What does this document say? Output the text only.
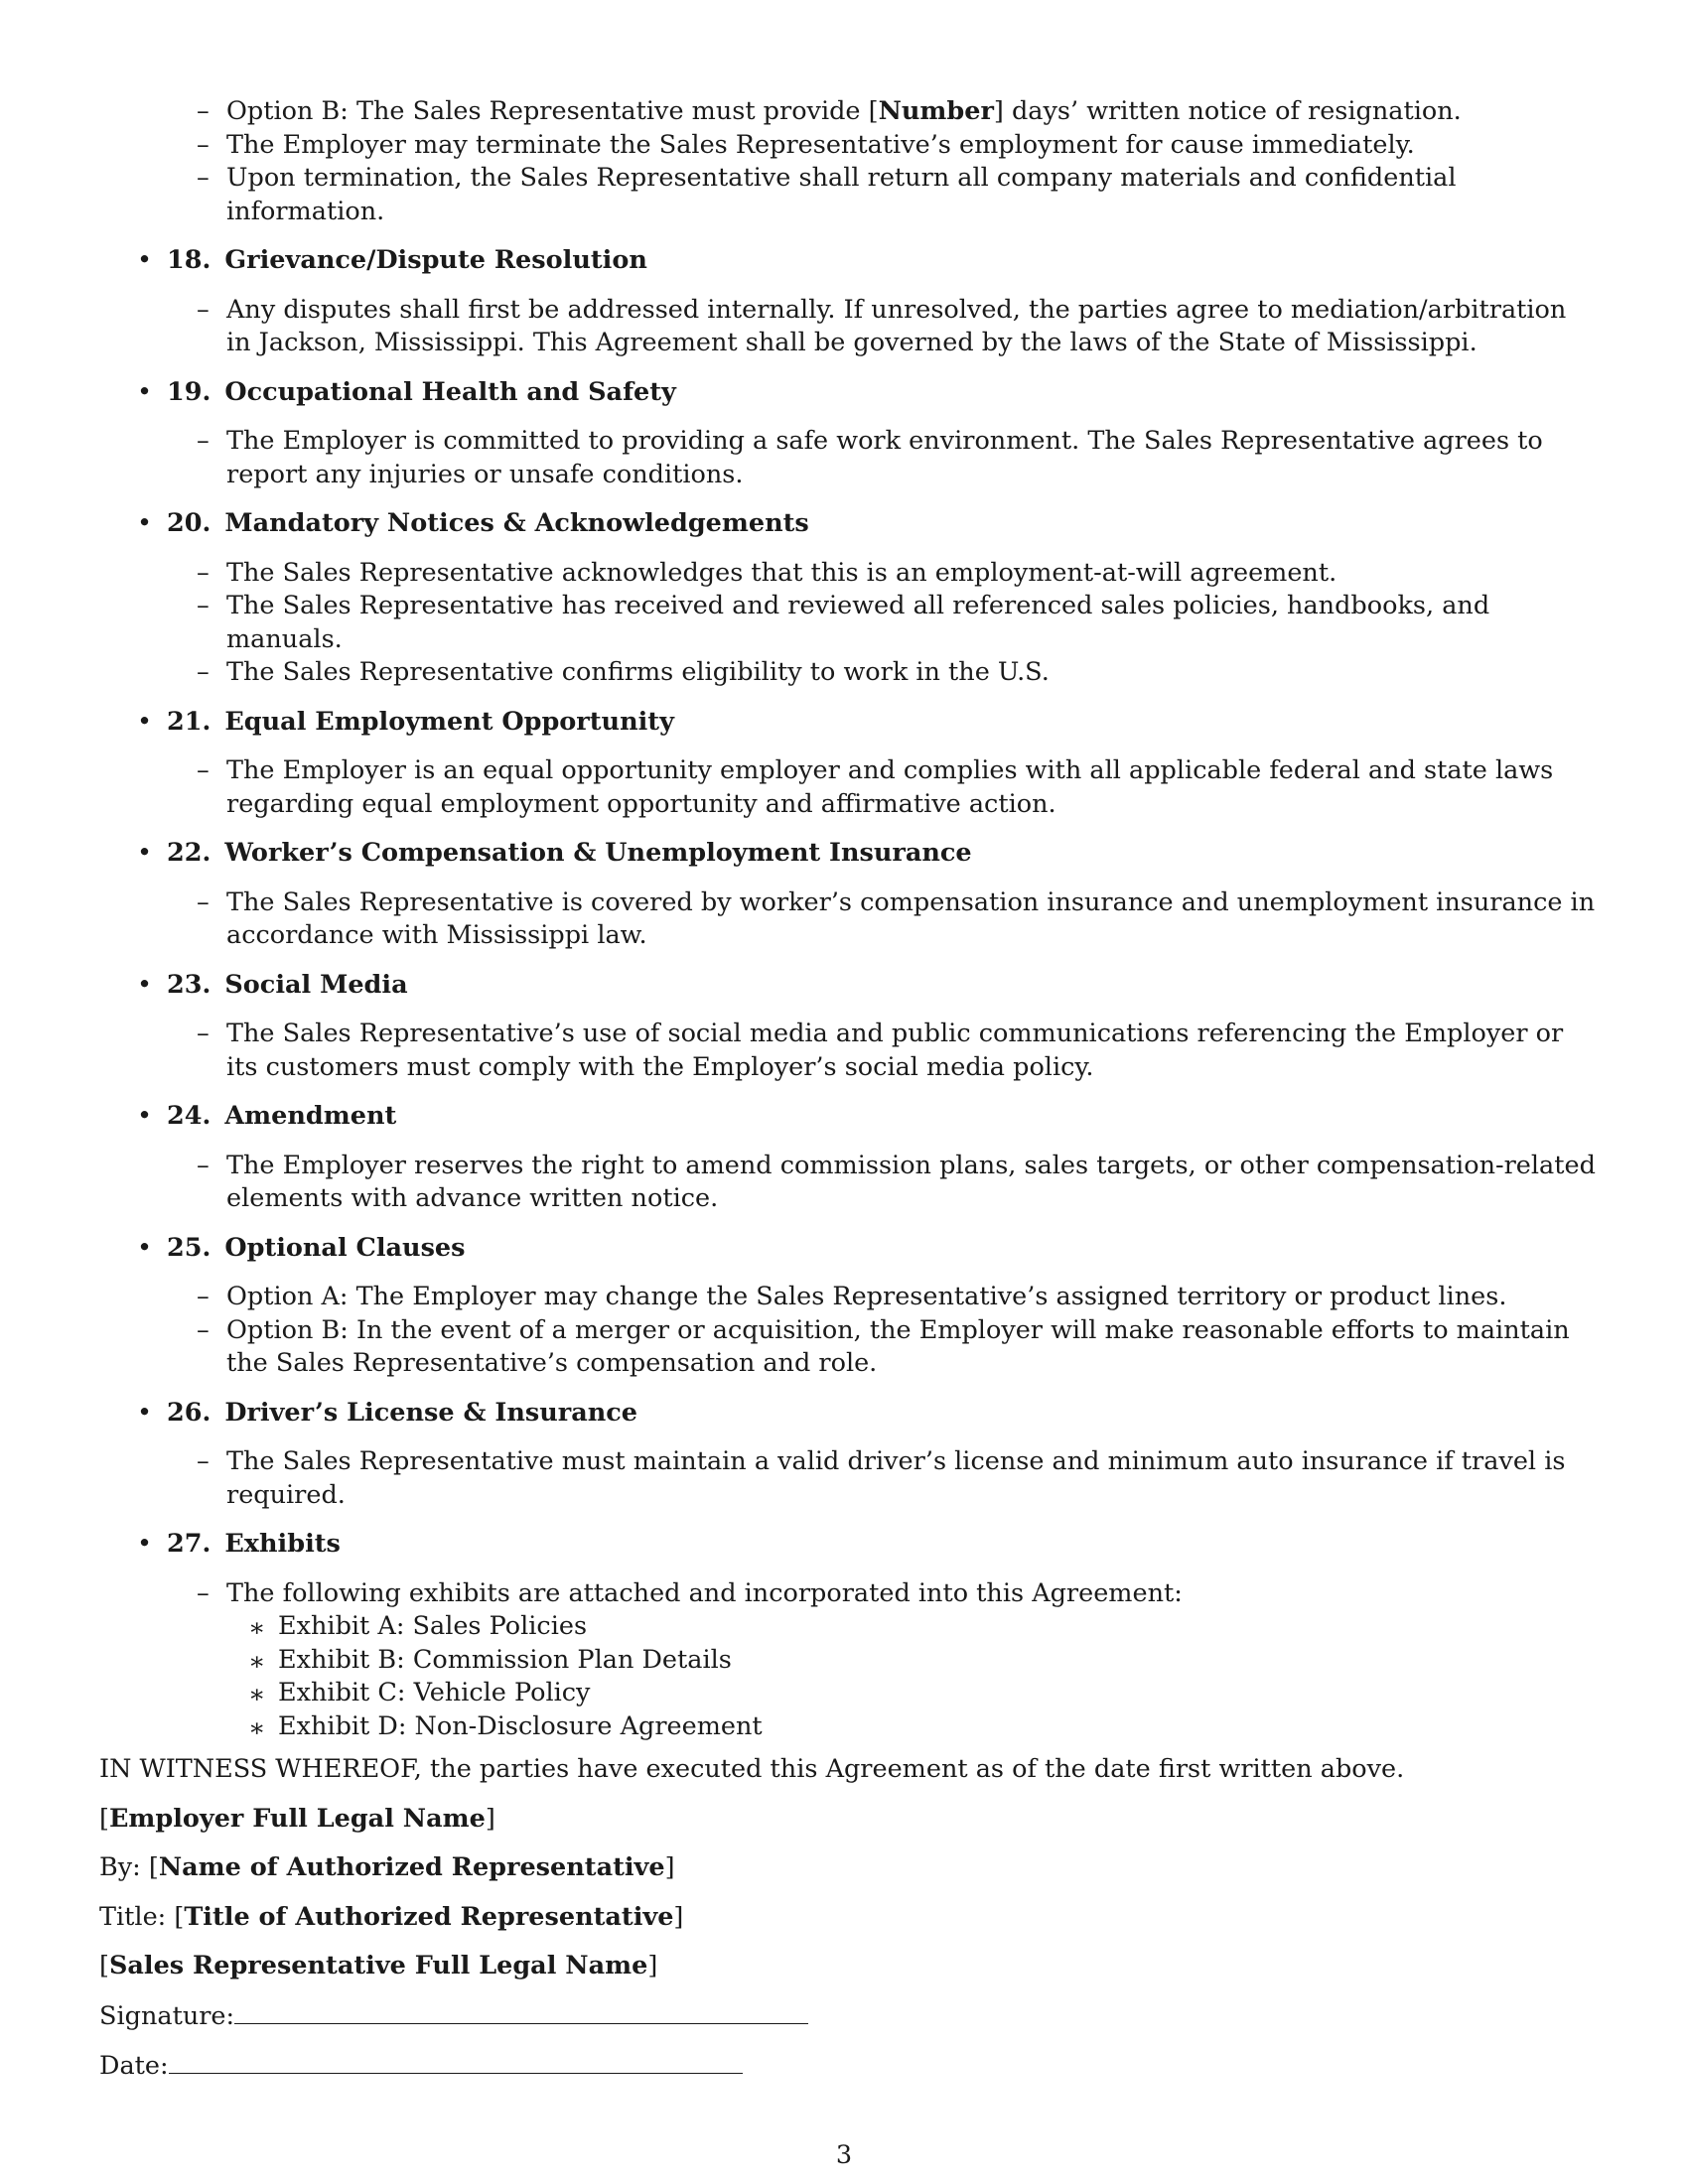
– Option B: The Sales Representative must provide [Number] days’ written notice of resignation.
– The Employer may terminate the Sales Representative’s employment for cause immediately.
– Upon termination, the Sales Representative shall return all company materials and confidential information.
• 18. Grievance/Dispute Resolution
– Any disputes shall first be addressed internally. If unresolved, the parties agree to mediation/arbitration in Jackson, Mississippi. This Agreement shall be governed by the laws of the State of Mississippi.
• 19. Occupational Health and Safety
– The Employer is committed to providing a safe work environment. The Sales Representative agrees to report any injuries or unsafe conditions.
• 20. Mandatory Notices & Acknowledgements
– The Sales Representative acknowledges that this is an employment-at-will agreement.
– The Sales Representative has received and reviewed all referenced sales policies, handbooks, and manuals.
– The Sales Representative confirms eligibility to work in the U.S.
• 21. Equal Employment Opportunity
– The Employer is an equal opportunity employer and complies with all applicable federal and state laws regarding equal employment opportunity and affirmative action.
• 22. Worker’s Compensation & Unemployment Insurance
– The Sales Representative is covered by worker’s compensation insurance and unemployment insurance in accordance with Mississippi law.
• 23. Social Media
– The Sales Representative’s use of social media and public communications referencing the Employer or its customers must comply with the Employer’s social media policy.
• 24. Amendment
– The Employer reserves the right to amend commission plans, sales targets, or other compensation-related elements with advance written notice.
• 25. Optional Clauses
– Option A: The Employer may change the Sales Representative’s assigned territory or product lines.
– Option B: In the event of a merger or acquisition, the Employer will make reasonable efforts to maintain the Sales Representative’s compensation and role.
• 26. Driver’s License & Insurance
– The Sales Representative must maintain a valid driver’s license and minimum auto insurance if travel is required.
• 27. Exhibits
– The following exhibits are attached and incorporated into this Agreement:
∗ Exhibit A: Sales Policies
∗ Exhibit B: Commission Plan Details
∗ Exhibit C: Vehicle Policy
∗ Exhibit D: Non-Disclosure Agreement
IN WITNESS WHEREOF, the parties have executed this Agreement as of the date first written above.
[Employer Full Legal Name]
By: [Name of Authorized Representative]
Title: [Title of Authorized Representative]
[Sales Representative Full Legal Name]
Signature:
Date:
3
